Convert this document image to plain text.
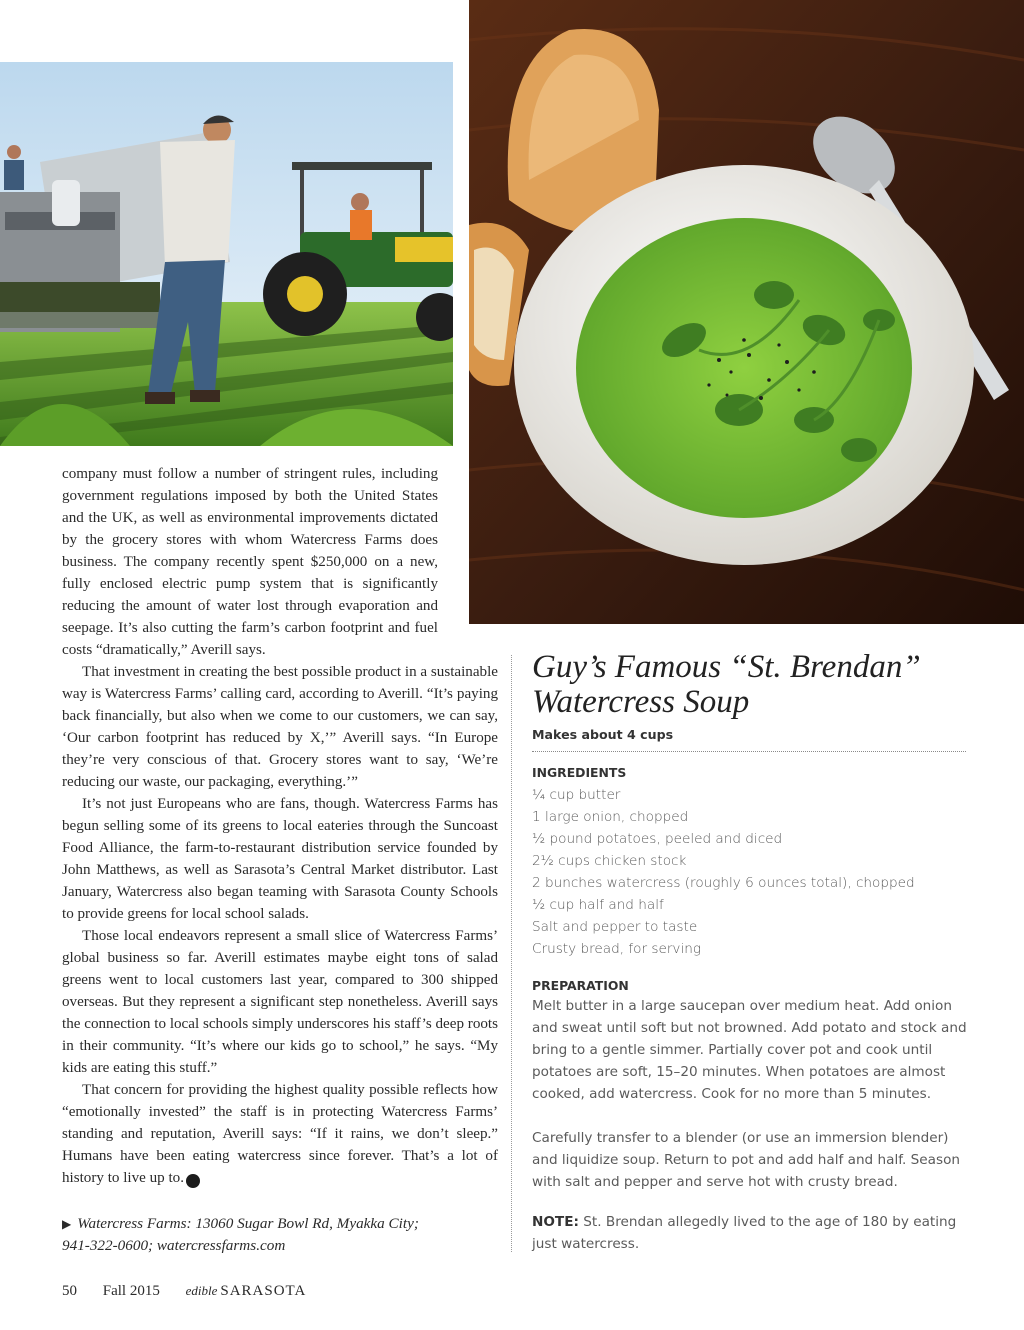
company must follow a number of stringent rules, including government regulations imposed by both the United States and the UK, as well as environmental improvements dictated by the grocery stores with whom Watercress Farms does business. The company recently spent $250,000 on a new, fully enclosed electric pump system that is significantly reducing the amount of water lost through evaporation and seepage. It’s also cutting the farm’s carbon footprint and fuel costs “dramatically,” Averill says.

That investment in creating the best possible product in a sustainable way is Watercress Farms’ calling card, according to Averill. “It’s paying back financially, but also when we come to our customers, we can say, ‘Our carbon footprint has reduced by X,’” Averill says. “In Europe they’re very conscious of that. Grocery stores want to say, ‘We’re reducing our waste, our packaging, everything.’”

It’s not just Europeans who are fans, though. Watercress Farms has begun selling some of its greens to local eateries through the Suncoast Food Alliance, the farm-to-restaurant distribution service founded by John Matthews, as well as Sarasota’s Central Market distributor. Last January, Watercress also began teaming with Sarasota County Schools to provide greens for local school salads.

Those local endeavors represent a small slice of Watercress Farms’ global business so far. Averill estimates maybe eight tons of salad greens went to local customers last year, compared to 300 shipped overseas. But they represent a significant step nonetheless. Averill says the connection to local schools simply underscores his staff’s deep roots in their community. “It’s where our kids go to school,” he says. “My kids are eating this stuff.”

That concern for providing the highest quality possible reflects how “emotionally invested” the staff is in protecting Watercress Farms’ standing and reputation, Averill says: “If it rains, we don’t sleep.” Humans have been eating watercress since forever. That’s a lot of history to live up to. e

▶ Watercress Farms: 13060 Sugar Bowl Rd, Myakka City;
941-322-0600; watercressfarms.com
50 Fall 2015 edible SARASOTA
Guy’s Famous “St. Brendan” Watercress Soup
Makes about 4 cups
INGREDIENTS
¼ cup butter
1 large onion, chopped
½ pound potatoes, peeled and diced
2½ cups chicken stock
2 bunches watercress (roughly 6 ounces total), chopped
½ cup half and half
Salt and pepper to taste
Crusty bread, for serving
PREPARATION

Melt butter in a large saucepan over medium heat. Add onion and sweat until soft but not browned. Add potato and stock and bring to a gentle simmer. Partially cover pot and cook until potatoes are soft, 15–20 minutes. When potatoes are almost cooked, add watercress. Cook for no more than 5 minutes.

Carefully transfer to a blender (or use an immersion blender) and liquidize soup. Return to pot and add half and half. Season with salt and pepper and serve hot with crusty bread.

NOTE: St. Brendan allegedly lived to the age of 180 by eating just watercress.
